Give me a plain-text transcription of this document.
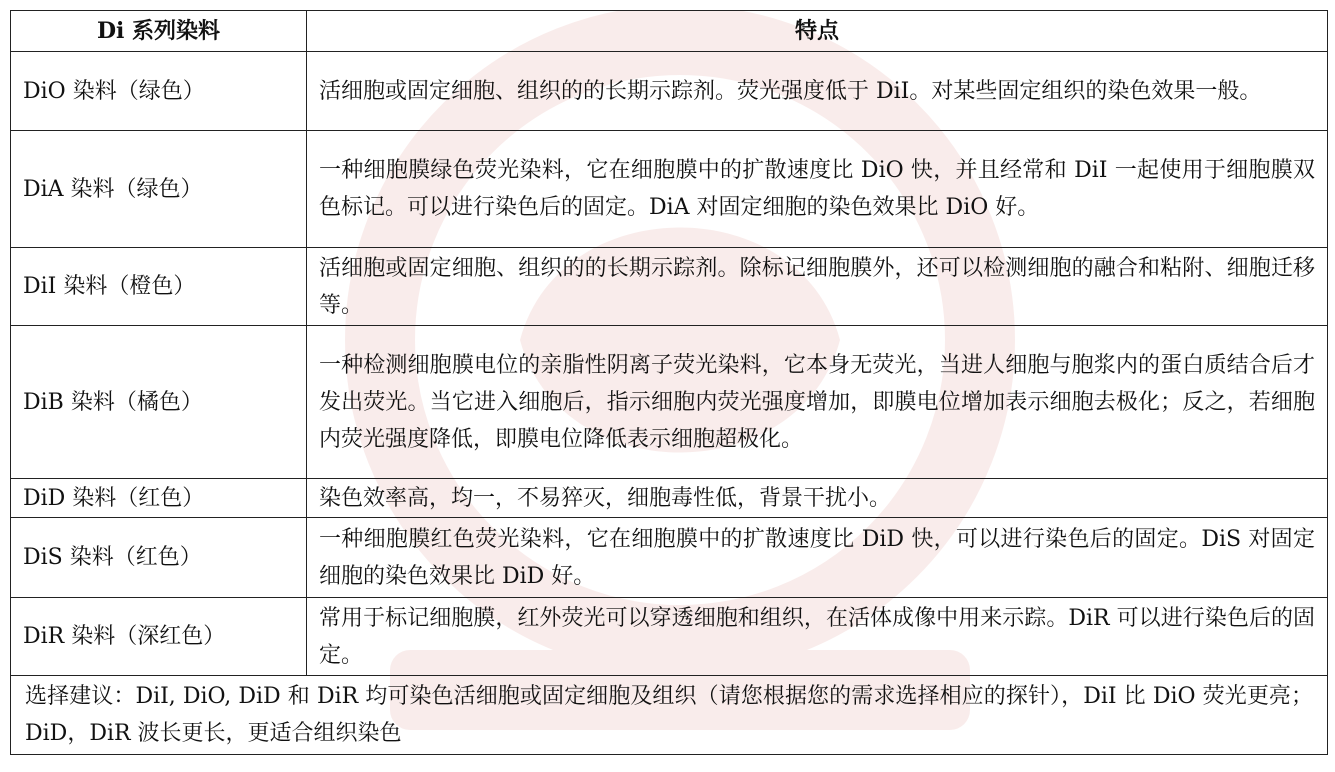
Di 系列染料	特点
DiO 染料（绿色）	活细胞或固定细胞、组织的的长期示踪剂。荧光强度低于 DiI。对某些固定组织的染色效果一般。
DiA 染料（绿色）	一种细胞膜绿色荧光染料，它在细胞膜中的扩散速度比 DiO 快，并且经常和 DiI 一起使用于细胞膜双色标记。可以进行染色后的固定。DiA 对固定细胞的染色效果比 DiO 好。
DiI 染料（橙色）	活细胞或固定细胞、组织的的长期示踪剂。除标记细胞膜外，还可以检测细胞的融合和粘附、细胞迁移等。
DiB 染料（橘色）	一种检测细胞膜电位的亲脂性阴离子荧光染料，它本身无荧光，当进人细胞与胞浆内的蛋白质结合后才发出荧光。当它进入细胞后，指示细胞内荧光强度增加，即膜电位增加表示细胞去极化；反之，若细胞内荧光强度降低，即膜电位降低表示细胞超极化。
DiD 染料（红色）	染色效率高，均一，不易猝灭，细胞毒性低，背景干扰小。
DiS 染料（红色）	一种细胞膜红色荧光染料，它在细胞膜中的扩散速度比 DiD 快，可以进行染色后的固定。DiS 对固定细胞的染色效果比 DiD 好。
DiR 染料（深红色）	常用于标记细胞膜，红外荧光可以穿透细胞和组织，在活体成像中用来示踪。DiR 可以进行染色后的固定。
选择建议：DiI, DiO, DiD 和 DiR 均可染色活细胞或固定细胞及组织（请您根据您的需求选择相应的探针），DiI 比 DiO 荧光更亮；DiD，DiR 波长更长，更适合组织染色	
